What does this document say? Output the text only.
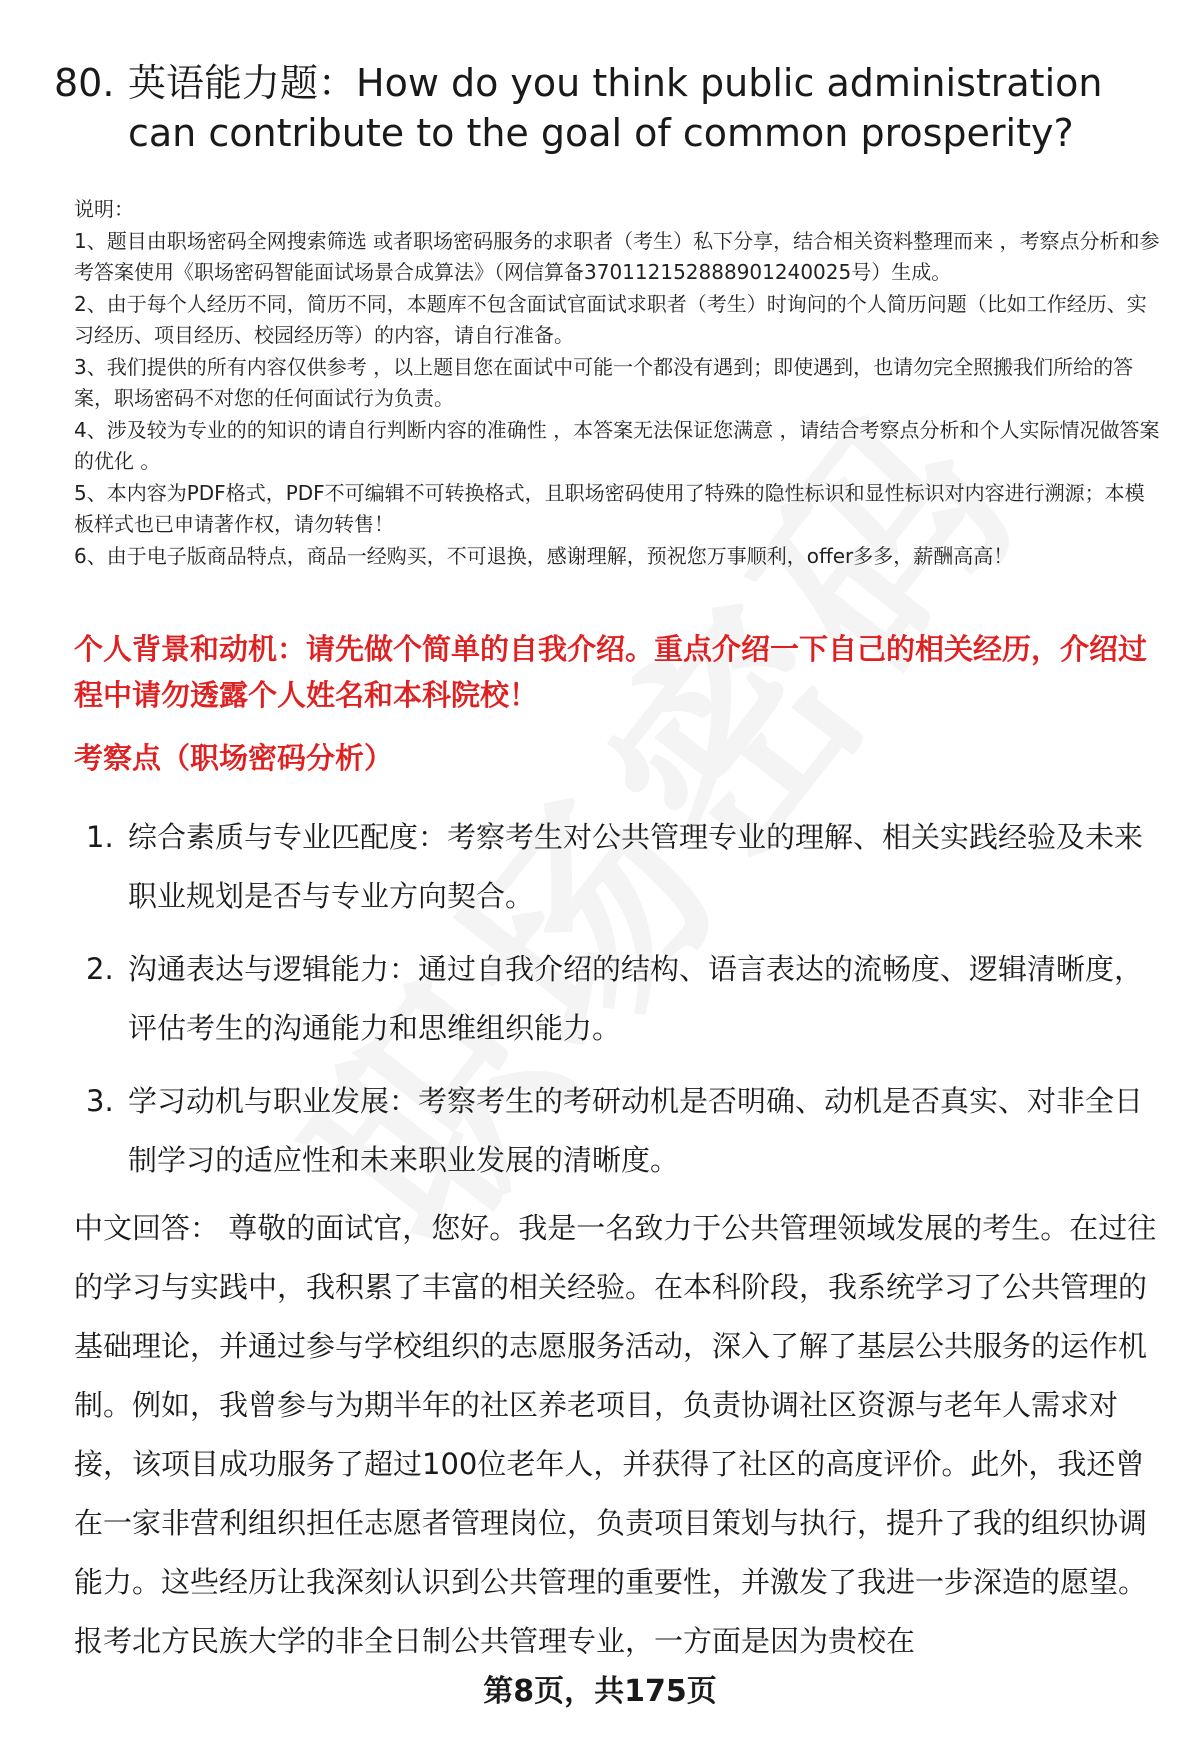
80. 英语能力题：How do you think public administration can contribute to the goal of common prosperity?

说明：

1、题目由职场密码全网搜索筛选 或者职场密码服务的求职者（考生）私下分享，结合相关资料整理而来 ，考察点分析和参考答案使用《职场密码智能面试场景合成算法》（网信算备370112152888901240025号）生成。

2、由于每个人经历不同，简历不同，本题库不包含面试官面试求职者（考生）时询问的个人简历问题（比如工作经历、实习经历、项目经历、校园经历等）的内容，请自行准备。

3、我们提供的所有内容仅供参考 ，以上题目您在面试中可能一个都没有遇到；即使遇到，也请勿完全照搬我们所给的答案，职场密码不对您的任何面试行为负责。

4、涉及较为专业的的知识的请自行判断内容的准确性 ，本答案无法保证您满意 ，请结合考察点分析和个人实际情况做答案的优化 。

5、本内容为PDF格式，PDF不可编辑不可转换格式，且职场密码使用了特殊的隐性标识和显性标识对内容进行溯源；本模板样式也已申请著作权，请勿转售！

6、由于电子版商品特点，商品一经购买，不可退换，感谢理解，预祝您万事顺利，offer多多，薪酬高高！

个人背景和动机：请先做个简单的自我介绍。重点介绍一下自己的相关经历，介绍过程中请勿透露个人姓名和本科院校！
考察点（职场密码分析）
1. 综合素质与专业匹配度：考察考生对公共管理专业的理解、相关实践经验及未来职业规划是否与专业方向契合。
2. 沟通表达与逻辑能力：通过自我介绍的结构、语言表达的流畅度、逻辑清晰度，评估考生的沟通能力和思维组织能力。
3. 学习动机与职业发展：考察考生的考研动机是否明确、动机是否真实、对非全日制学习的适应性和未来职业发展的清晰度。

中文回答： 尊敬的面试官，您好。我是一名致力于公共管理领域发展的考生。在过往的学习与实践中，我积累了丰富的相关经验。在本科阶段，我系统学习了公共管理的基础理论，并通过参与学校组织的志愿服务活动，深入了解了基层公共服务的运作机制。例如，我曾参与为期半年的社区养老项目，负责协调社区资源与老年人需求对接，该项目成功服务了超过100位老年人，并获得了社区的高度评价。此外，我还曾在一家非营利组织担任志愿者管理岗位，负责项目策划与执行，提升了我的组织协调能力。这些经历让我深刻认识到公共管理的重要性，并激发了我进一步深造的愿望。报考北方民族大学的非全日制公共管理专业，一方面是因为贵校在

第8页，共175页
